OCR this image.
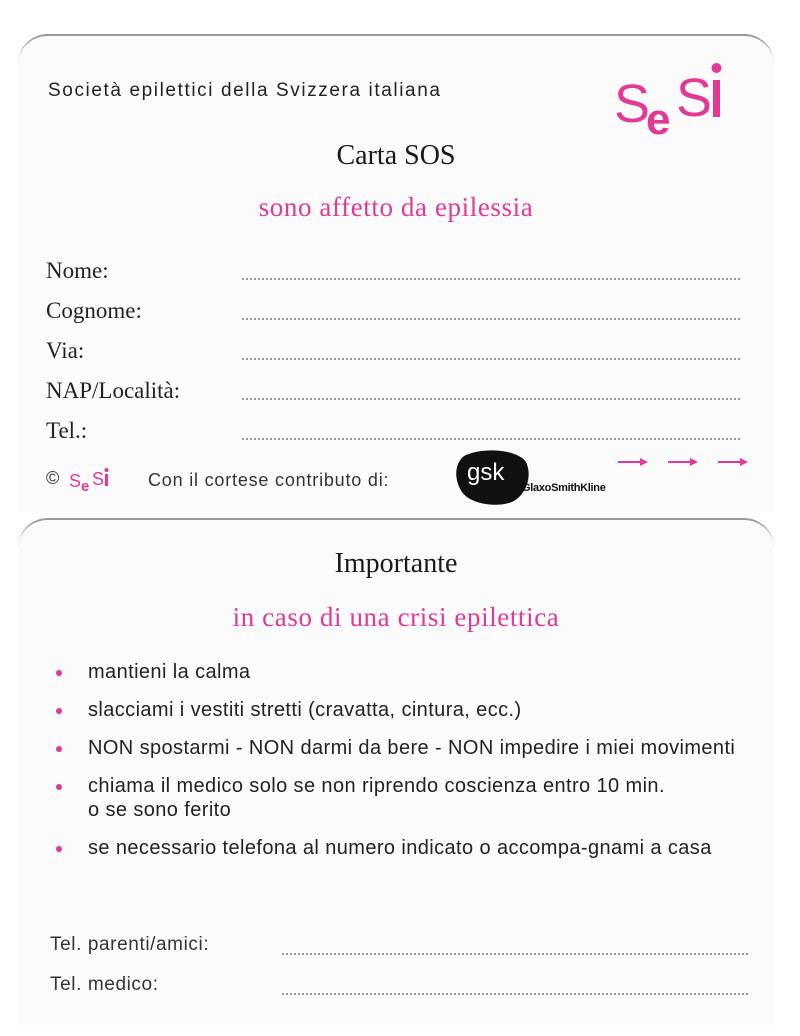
Società epilettici della Svizzera italiana	S
e S
Carta SOS
sono affetto da epilessia
Nome:
Cognome:
Via:
NAP/Località:
Tel.:
© S e S Con il cortese contributo di:	gsk
GlaxoSmithKline
Importante
in caso di una crisi epilettica
mantieni la calma
slacciami i vestiti stretti (cravatta, cintura, ecc.)
NON spostarmi - NON darmi da bere - NON impedire i miei movimenti
chiama il medico solo se non riprendo coscienza entro 10 min. o se sono ferito
se necessario telefona al numero indicato o accompa-gnami a casa
Tel. parenti/amici:
Tel. medico:
